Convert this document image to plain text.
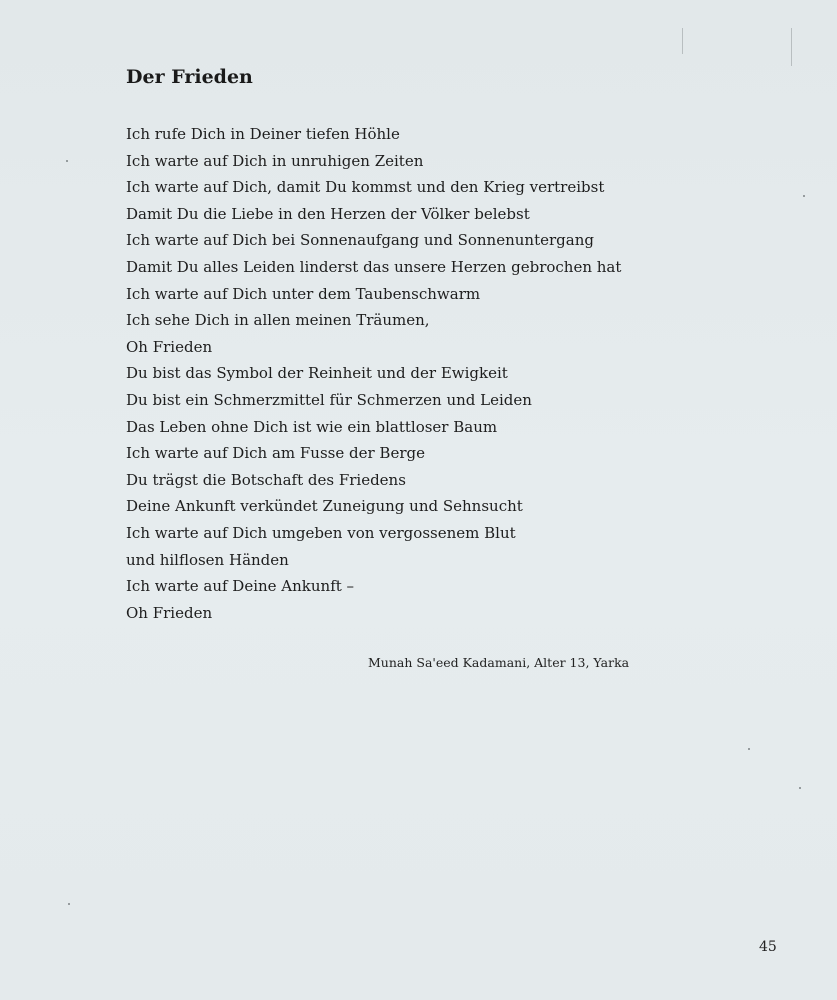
Der Frieden
Ich rufe Dich in Deiner tiefen Höhle
Ich warte auf Dich in unruhigen Zeiten
Ich warte auf Dich, damit Du kommst und den Krieg vertreibst
Damit Du die Liebe in den Herzen der Völker belebst
Ich warte auf Dich bei Sonnenaufgang und Sonnenuntergang
Damit Du alles Leiden linderst das unsere Herzen gebrochen hat
Ich warte auf Dich unter dem Taubenschwarm
Ich sehe Dich in allen meinen Träumen,
Oh Frieden
Du bist das Symbol der Reinheit und der Ewigkeit
Du bist ein Schmerzmittel für Schmerzen und Leiden
Das Leben ohne Dich ist wie ein blattloser Baum
Ich warte auf Dich am Fusse der Berge
Du trägst die Botschaft des Friedens
Deine Ankunft verkündet Zuneigung und Sehnsucht
Ich warte auf Dich umgeben von vergossenem Blut
und hilflosen Händen
Ich warte auf Deine Ankunft –
Oh Frieden
Munah Sa'eed Kadamani, Alter 13, Yarka
45
